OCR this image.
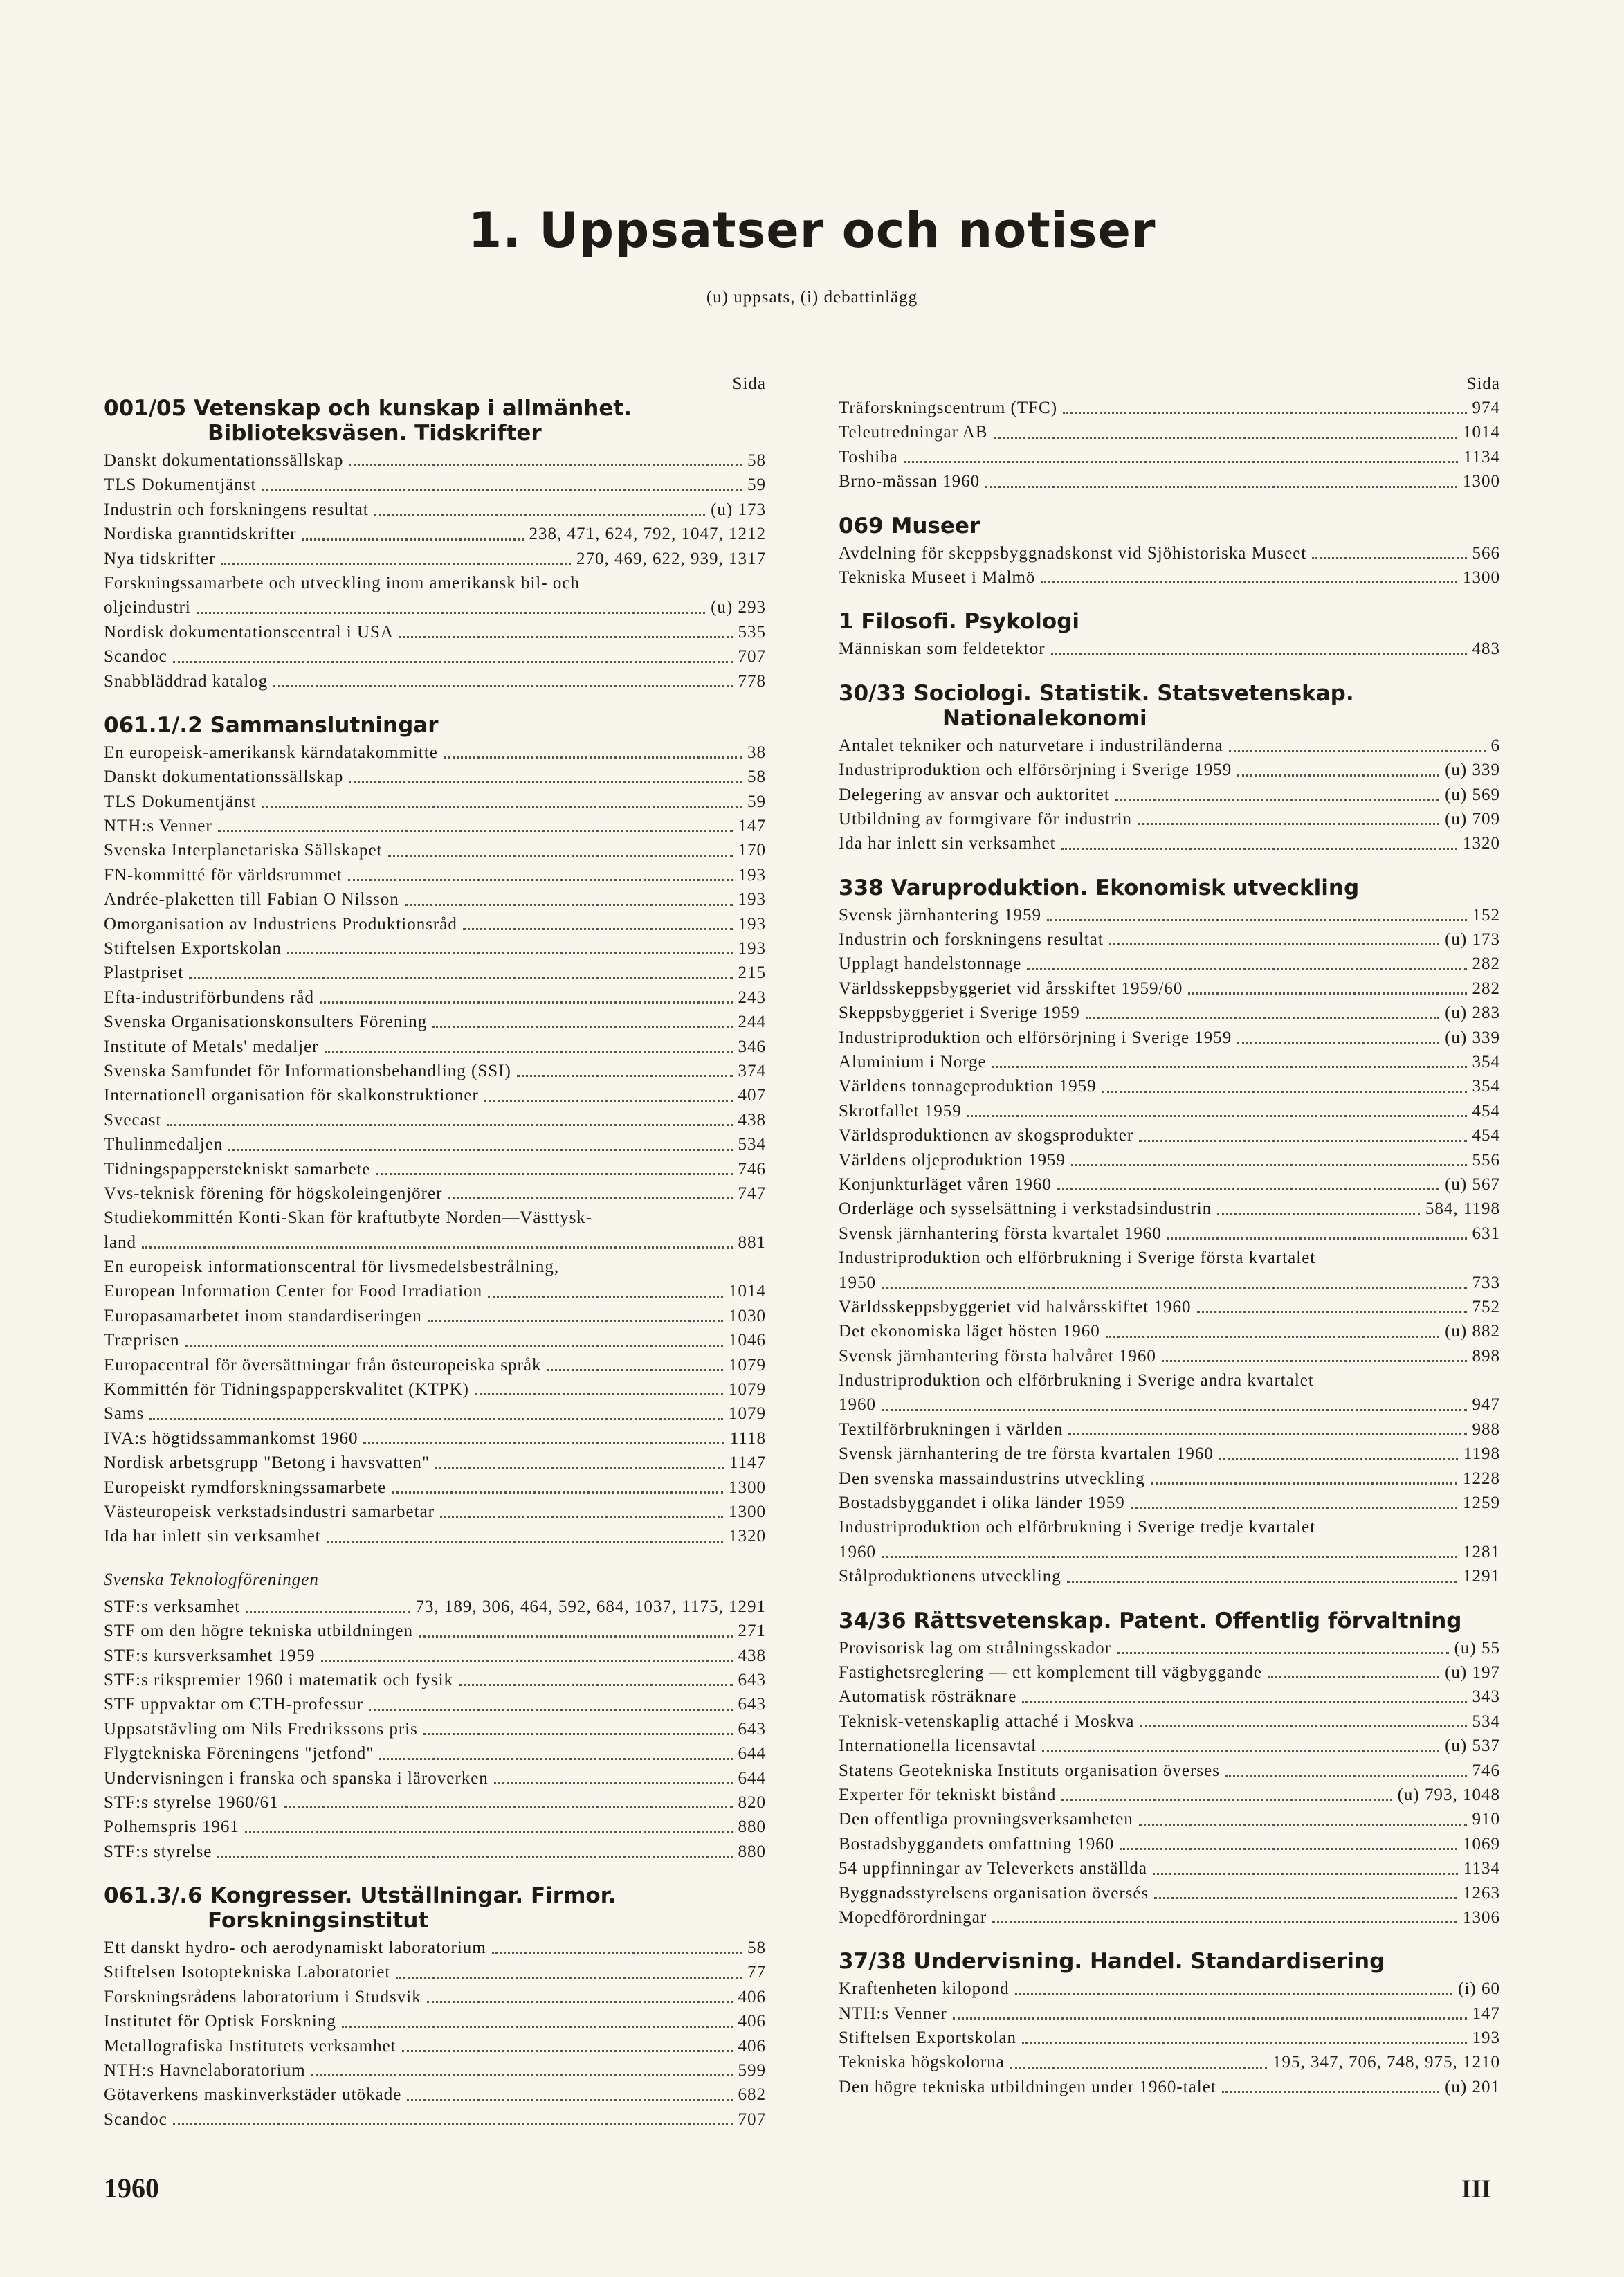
1. Uppsatser och notiser
(u) uppsats, (i) debattinlägg
Sida
001/05 Vetenskap och kunskap i allmänhet. Biblioteksväsen. Tidskrifter
Danskt dokumentationssällskap	58
TLS Dokumentjänst	59
Industrin och forskningens resultat	(u) 173
Nordiska granntidskrifter	238, 471, 624, 792, 1047, 1212
Nya tidskrifter	270, 469, 622, 939, 1317
Forskningssamarbete och utveckling inom amerikansk bil- och
oljeindustri	(u) 293
Nordisk dokumentationscentral i USA	535
Scandoc	707
Snabbläddrad katalog	778
061.1/.2 Sammanslutningar
En europeisk-amerikansk kärndatakommitte	38
Danskt dokumentationssällskap	58
TLS Dokumentjänst	59
NTH:s Venner	147
Svenska Interplanetariska Sällskapet	170
FN-kommitté för världsrummet	193
Andrée-plaketten till Fabian O Nilsson	193
Omorganisation av Industriens Produktionsråd	193
Stiftelsen Exportskolan	193
Plastpriset	215
Efta-industriförbundens råd	243
Svenska Organisationskonsulters Förening	244
Institute of Metals' medaljer	346
Svenska Samfundet för Informationsbehandling (SSI)	374
Internationell organisation för skalkonstruktioner	407
Svecast	438
Thulinmedaljen	534
Tidningspapperstekniskt samarbete	746
Vvs-teknisk förening för högskoleingenjörer	747
Studiekommittén Konti-Skan för kraftutbyte Norden—Västtysk-
land	881
En europeisk informationscentral för livsmedelsbestrålning,
European Information Center for Food Irradiation	1014
Europasamarbetet inom standardiseringen	1030
Træprisen	1046
Europacentral för översättningar från östeuropeiska språk	1079
Kommittén för Tidningspapperskvalitet (KTPK)	1079
Sams	1079
IVA:s högtidssammankomst 1960	1118
Nordisk arbetsgrupp "Betong i havsvatten"	1147
Europeiskt rymdforskningssamarbete	1300
Västeuropeisk verkstadsindustri samarbetar	1300
Ida har inlett sin verksamhet	1320
Svenska Teknologföreningen
STF:s verksamhet	73, 189, 306, 464, 592, 684, 1037, 1175, 1291
STF om den högre tekniska utbildningen	271
STF:s kursverksamhet 1959	438
STF:s rikspremier 1960 i matematik och fysik	643
STF uppvaktar om CTH-professur	643
Uppsatstävling om Nils Fredrikssons pris	643
Flygtekniska Föreningens "jetfond"	644
Undervisningen i franska och spanska i läroverken	644
STF:s styrelse 1960/61	820
Polhemspris 1961	880
STF:s styrelse	880
061.3/.6 Kongresser. Utställningar. Firmor. Forskningsinstitut
Ett danskt hydro- och aerodynamiskt laboratorium	58
Stiftelsen Isotoptekniska Laboratoriet	77
Forskningsrådens laboratorium i Studsvik	406
Institutet för Optisk Forskning	406
Metallografiska Institutets verksamhet	406
NTH:s Havnelaboratorium	599
Götaverkens maskinverkstäder utökade	682
Scandoc	707
Sida
Träforskningscentrum (TFC)	974
Teleutredningar AB	1014
Toshiba	1134
Brno-mässan 1960	1300
069 Museer
Avdelning för skeppsbyggnadskonst vid Sjöhistoriska Museet	566
Tekniska Museet i Malmö	1300
1 Filosofi. Psykologi
Människan som feldetektor	483
30/33 Sociologi. Statistik. Statsvetenskap. Nationalekonomi
Antalet tekniker och naturvetare i industriländerna	6
Industriproduktion och elförsörjning i Sverige 1959	(u) 339
Delegering av ansvar och auktoritet	(u) 569
Utbildning av formgivare för industrin	(u) 709
Ida har inlett sin verksamhet	1320
338 Varuproduktion. Ekonomisk utveckling
Svensk järnhantering 1959	152
Industrin och forskningens resultat	(u) 173
Upplagt handelstonnage	282
Världsskeppsbyggeriet vid årsskiftet 1959/60	282
Skeppsbyggeriet i Sverige 1959	(u) 283
Industriproduktion och elförsörjning i Sverige 1959	(u) 339
Aluminium i Norge	354
Världens tonnageproduktion 1959	354
Skrotfallet 1959	454
Världsproduktionen av skogsprodukter	454
Världens oljeproduktion 1959	556
Konjunkturläget våren 1960	(u) 567
Orderläge och sysselsättning i verkstadsindustrin	584, 1198
Svensk järnhantering första kvartalet 1960	631
Industriproduktion och elförbrukning i Sverige första kvartalet
1950	733
Världsskeppsbyggeriet vid halvårsskiftet 1960	752
Det ekonomiska läget hösten 1960	(u) 882
Svensk järnhantering första halvåret 1960	898
Industriproduktion och elförbrukning i Sverige andra kvartalet
1960	947
Textilförbrukningen i världen	988
Svensk järnhantering de tre första kvartalen 1960	1198
Den svenska massaindustrins utveckling	1228
Bostadsbyggandet i olika länder 1959	1259
Industriproduktion och elförbrukning i Sverige tredje kvartalet
1960	1281
Stålproduktionens utveckling	1291
34/36 Rättsvetenskap. Patent. Offentlig förvaltning
Provisorisk lag om strålningsskador	(u) 55
Fastighetsreglering — ett komplement till vägbyggande	(u) 197
Automatisk rösträknare	343
Teknisk-vetenskaplig attaché i Moskva	534
Internationella licensavtal	(u) 537
Statens Geotekniska Instituts organisation överses	746
Experter för tekniskt bistånd	(u) 793, 1048
Den offentliga provningsverksamheten	910
Bostadsbyggandets omfattning 1960	1069
54 uppfinningar av Televerkets anställda	1134
Byggnadsstyrelsens organisation översés	1263
Mopedförordningar	1306
37/38 Undervisning. Handel. Standardisering
Kraftenheten kilopond	(i) 60
NTH:s Venner	147
Stiftelsen Exportskolan	193
Tekniska högskolorna	195, 347, 706, 748, 975, 1210
Den högre tekniska utbildningen under 1960-talet	(u) 201

1960	III
